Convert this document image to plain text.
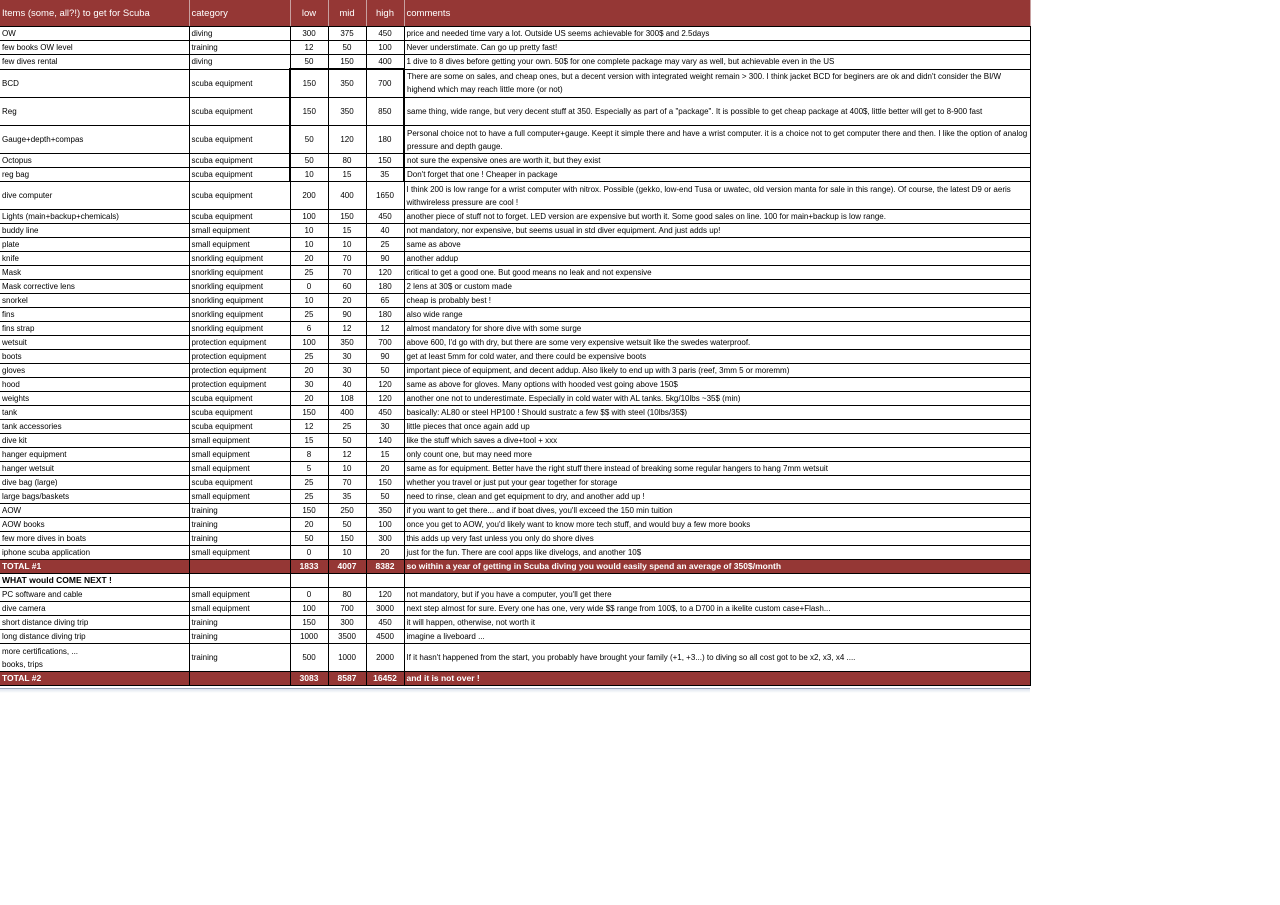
Items (some, all?!) to get for Scuba	category	low	mid	high	comments
OW	diving	300	375	450	price and needed time vary a lot. Outside US seems achievable for 300$ and 2.5days
few books OW level	training	12	50	100	Never understimate. Can go up pretty fast!
few dives rental	diving	50	150	400	1 dive to 8 dives before getting your own. 50$ for one complete package may vary as well, but achievable even in the US
BCD	scuba equipment	150	350	700	There are some on sales, and cheap ones, but a decent version with integrated weight remain > 300. I think jacket BCD for beginers are ok and didn't consider the BI/W highend which may reach little more (or not)
Reg	scuba equipment	150	350	850	same thing, wide range, but very decent stuff at 350. Especially as part of a "package". It is possible to get cheap package at 400$, little better will get to 8-900 fast
Gauge+depth+compas	scuba equipment	50	120	180	Personal choice not to have a full computer+gauge. Keept it simple there and have a wrist computer. it is a choice not to get computer there and then. I like the option of analog pressure and depth gauge.
Octopus	scuba equipment	50	80	150	not sure the expensive ones are worth it, but they exist
reg bag	scuba equipment	10	15	35	Don't forget that one ! Cheaper in package
dive computer	scuba equipment	200	400	1650	I think 200 is low range for a wrist computer with nitrox. Possible (gekko, low-end Tusa or uwatec, old version manta for sale in this range). Of course, the latest D9 or aeris withwireless pressure are cool !
Lights (main+backup+chemicals)	scuba equipment	100	150	450	another piece of stuff not to forget. LED version are expensive but worth it. Some good sales on line. 100 for main+backup is low range.
buddy line	small equipment	10	15	40	not mandatory, nor expensive, but seems usual in std diver equipment. And just adds up!
plate	small equipment	10	10	25	same as above
knife	snorkling equipment	20	70	90	another addup
Mask	snorkling equipment	25	70	120	critical to get a good one. But good means no leak and not expensive
Mask corrective lens	snorkling equipment	0	60	180	2 lens at 30$ or custom made
snorkel	snorkling equipment	10	20	65	cheap is probably best !
fins	snorkling equipment	25	90	180	also wide range
fins strap	snorkling equipment	6	12	12	almost mandatory for shore dive with some surge
wetsuit	protection equipment	100	350	700	above 600, I'd go with dry, but there are some very expensive wetsuit like the swedes waterproof.
boots	protection equipment	25	30	90	get at least 5mm for cold water, and there could be expensive boots
gloves	protection equipment	20	30	50	important piece of equipment, and decent addup. Also likely to end up with 3 paris (reef, 3mm 5 or moremm)
hood	protection equipment	30	40	120	same as above for gloves. Many options with hooded vest going above 150$
weights	scuba equipment	20	108	120	another one not to underestimate. Especially in cold water with AL tanks. 5kg/10lbs ~35$ (min)
tank	scuba equipment	150	400	450	basically: AL80 or steel HP100 ! Should sustratc a few $$ with steel (10lbs/35$)
tank accessories	scuba equipment	12	25	30	little pieces that once again add up
dive kit	small equipment	15	50	140	like the stuff which saves a dive+tool + xxx
hanger equipment	small equipment	8	12	15	only count one, but may need more
hanger wetsuit	small equipment	5	10	20	same as for equipment. Better have the right stuff there instead of breaking some regular hangers to hang 7mm wetsuit
dive bag (large)	scuba equipment	25	70	150	whether you travel or just put your gear together for storage
large bags/baskets	small equipment	25	35	50	need to rinse, clean and get equipment to dry, and another add up !
AOW	training	150	250	350	if you want to get there... and if boat dives, you'll exceed the 150 min tuition
AOW books	training	20	50	100	once you get to AOW, you'd likely want to know more tech stuff, and would buy a few more books
few more dives in boats	training	50	150	300	this adds up very fast unless you only do shore dives
iphone scuba application	small equipment	0	10	20	just for the fun. There are cool apps like divelogs, and another 10$
TOTAL #1		1833	4007	8382	so within a year of getting in Scuba diving you would easily spend an average of 350$/month
WHAT would COME NEXT !					
PC software and cable	small equipment	0	80	120	not mandatory, but if you have a computer, you'll get there
dive camera	small equipment	100	700	3000	next step almost for sure. Every one has one, very wide $$ range from 100$, to a D700 in a ikelite custom case+Flash...
short distance diving trip	training	150	300	450	it will happen, otherwise, not worth it
long distance diving trip	training	1000	3500	4500	imagine a liveboard ...

more certifications, ...
books, trips	training	500	1000	2000	If it hasn't happened from the start, you probably have brought your family (+1, +3...) to diving so all cost got to be x2, x3, x4 ....
TOTAL #2		3083	8587	16452	and it is not over !
